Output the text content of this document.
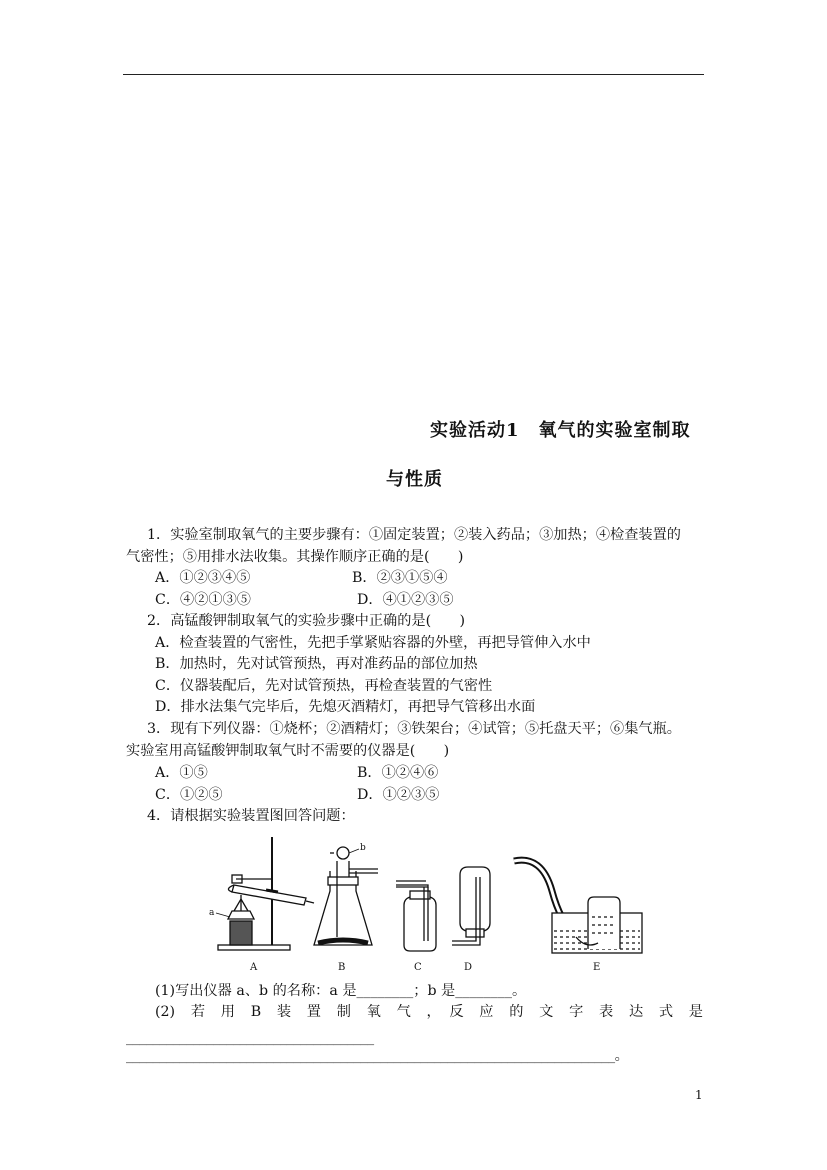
实验活动1　氧气的实验室制取
与性质
1．实验室制取氧气的主要步骤有：①固定装置；②装入药品；③加热；④检查装置的
气密性；⑤用排水法收集。其操作顺序正确的是(　　)
A．①②③④⑤	B．②③①⑤④
C．④②①③⑤	D．④①②③⑤
2．高锰酸钾制取氧气的实验步骤中正确的是(　　)
A．检查装置的气密性，先把手掌紧贴容器的外壁，再把导管伸入水中
B．加热时，先对试管预热，再对准药品的部位加热
C．仪器装配后，先对试管预热，再检查装置的气密性
D．排水法集气完毕后，先熄灭酒精灯，再把导气管移出水面
3．现有下列仪器：①烧杯；②酒精灯；③铁架台；④试管；⑤托盘天平；⑥集气瓶。
实验室用高锰酸钾制取氧气时不需要的仪器是(　　)
A．①⑤	B．①②④⑥
C．①②⑤	D．①②③⑤
4．请根据实验装置图回答问题：
a
b
A	B	C	D	E
(1)写出仪器 a、b 的名称：a 是________；b 是________。
(2)　若　用　B　装　置　制　氧　气　，　反　应　的　文　字　表　达　式　是
_____________________________________
_________________________________________________________________________。
1
